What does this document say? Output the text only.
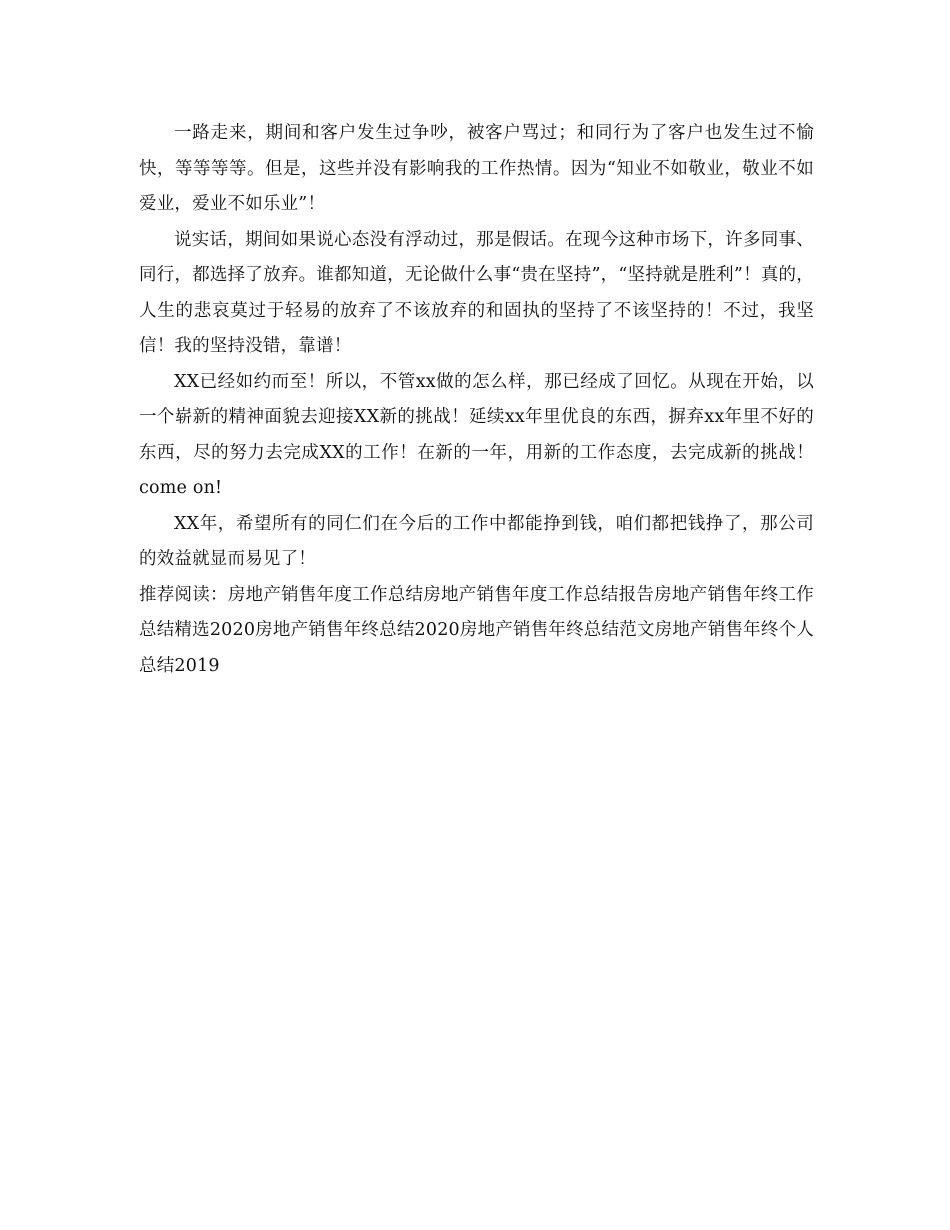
一路走来，期间和客户发生过争吵，被客户骂过；和同行为了客户也发生过不愉快，等等等等。但是，这些并没有影响我的工作热情。因为“知业不如敬业，敬业不如爱业，爱业不如乐业”！

说实话，期间如果说心态没有浮动过，那是假话。在现今这种市场下，许多同事、同行，都选择了放弃。谁都知道，无论做什么事“贵在坚持”，“坚持就是胜利”！真的，人生的悲哀莫过于轻易的放弃了不该放弃的和固执的坚持了不该坚持的！不过，我坚信！我的坚持没错，靠谱！

XX已经如约而至！所以，不管xx做的怎么样，那已经成了回忆。从现在开始，以一个崭新的精神面貌去迎接XX新的挑战！延续xx年里优良的东西，摒弃xx年里不好的东西，尽的努力去完成XX的工作！在新的一年，用新的工作态度，去完成新的挑战！come on!

XX年，希望所有的同仁们在今后的工作中都能挣到钱，咱们都把钱挣了，那公司的效益就显而易见了！

推荐阅读：房地产销售年度工作总结房地产销售年度工作总结报告房地产销售年终工作总结精选2020房地产销售年终总结2020房地产销售年终总结范文房地产销售年终个人总结2019
